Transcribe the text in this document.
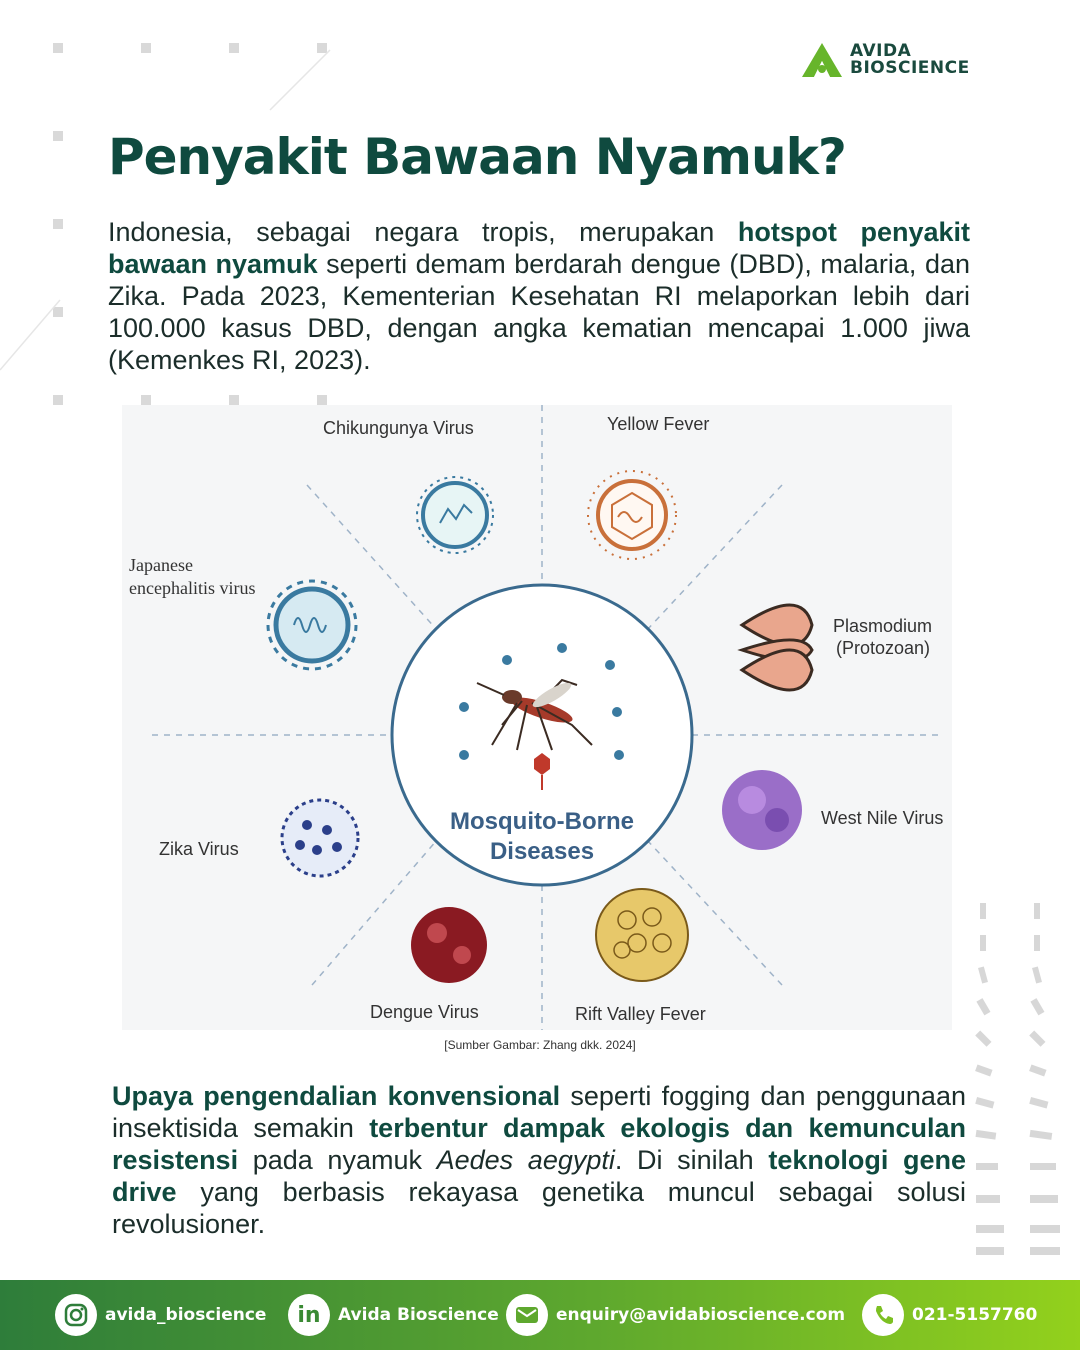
AVIDA
BIOSCIENCE
Penyakit Bawaan Nyamuk?

Indonesia, sebagai negara tropis, merupakan hotspot penyakit bawaan nyamuk seperti demam berdarah dengue (DBD), malaria, dan Zika. Pada 2023, Kementerian Kesehatan RI melaporkan lebih dari 100.000 kasus DBD, dengan angka kematian mencapai 1.000 jiwa (Kemenkes RI, 2023).

Mosquito-Borne
Diseases
Chikungunya Virus	Yellow Fever
Japanese
encephalitis virus
Plasmodium
(Protozoan)
Zika Virus
West Nile Virus
Dengue Virus	Rift Valley Fever
[Sumber Gambar: Zhang dkk. 2024]

Upaya pengendalian konvensional seperti fogging dan penggunaan insektisida semakin terbentur dampak ekologis dan kemunculan resistensi pada nyamuk Aedes aegypti. Di sinilah teknologi gene drive yang berbasis rekayasa genetika muncul sebagai solusi revolusioner.

avida_bioscience in Avida Bioscience	enquiry@avidabioscience.com	021-5157760
